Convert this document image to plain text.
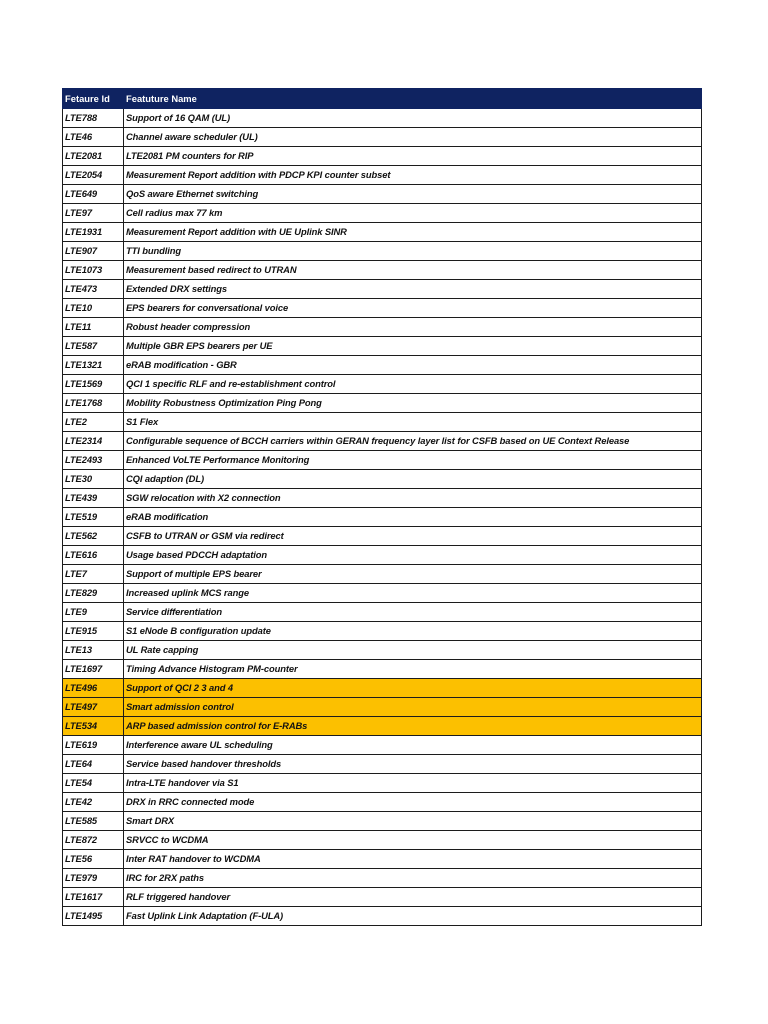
Fetaure Id	Featuture Name
LTE788	Support of 16 QAM (UL)
LTE46	Channel aware scheduler (UL)
LTE2081	LTE2081 PM counters for RIP
LTE2054	Measurement Report addition with PDCP KPI counter subset
LTE649	QoS aware Ethernet switching
LTE97	Cell radius max 77 km
LTE1931	Measurement Report addition with UE Uplink SINR
LTE907	TTI bundling
LTE1073	Measurement based redirect to UTRAN
LTE473	Extended DRX settings
LTE10	EPS bearers for conversational voice
LTE11	Robust header compression
LTE587	Multiple GBR EPS bearers per UE
LTE1321	eRAB modification - GBR
LTE1569	QCI 1 specific RLF and re-establishment control
LTE1768	Mobility Robustness Optimization Ping Pong
LTE2	S1 Flex
LTE2314	Configurable sequence of BCCH carriers within GERAN frequency layer list for CSFB based on UE Context Release
LTE2493	Enhanced VoLTE Performance Monitoring
LTE30	CQI adaption (DL)
LTE439	SGW relocation with X2 connection
LTE519	eRAB modification
LTE562	CSFB to UTRAN or GSM via redirect
LTE616	Usage based PDCCH adaptation
LTE7	Support of multiple EPS bearer
LTE829	Increased uplink MCS range
LTE9	Service differentiation
LTE915	S1 eNode B configuration update
LTE13	UL Rate capping
LTE1697	Timing Advance Histogram PM-counter
LTE496	Support of QCI 2 3 and 4
LTE497	Smart admission control
LTE534	ARP based admission control for E-RABs
LTE619	Interference aware UL scheduling
LTE64	Service based handover thresholds
LTE54	Intra-LTE handover via S1
LTE42	DRX in RRC connected mode
LTE585	Smart DRX
LTE872	SRVCC to WCDMA
LTE56	Inter RAT handover to WCDMA
LTE979	IRC for 2RX paths
LTE1617	RLF triggered handover
LTE1495	Fast Uplink Link Adaptation (F-ULA)
